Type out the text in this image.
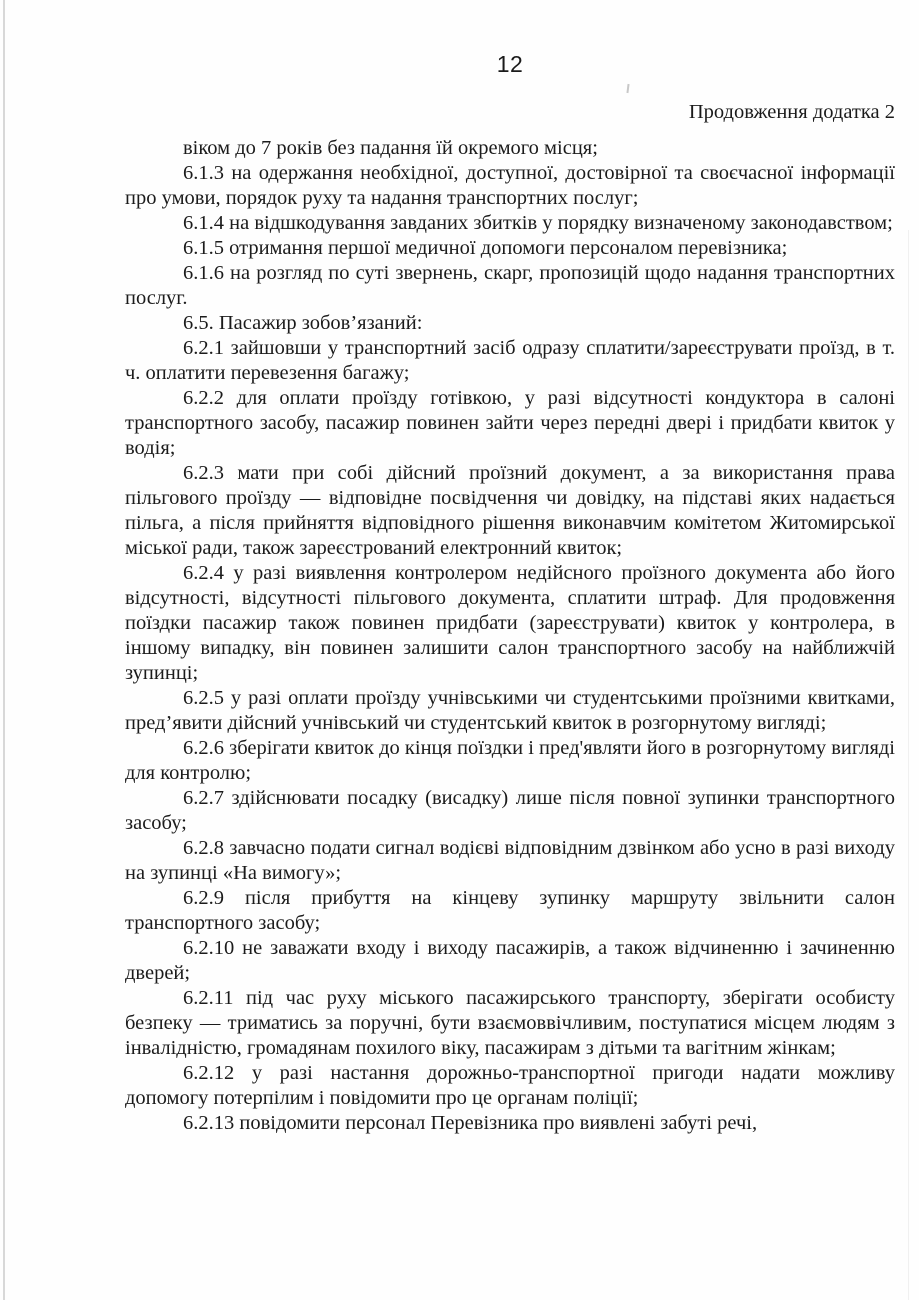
12
Продовження додатка 2

віком до 7 років без падання їй окремого місця;

6.1.3 на одержання необхідної, доступної, достовірної та своєчасної інформації про умови, порядок руху та надання транспортних послуг;

6.1.4 на відшкодування завданих збитків у порядку визначеному законодавством;

6.1.5 отримання першої медичної допомоги персоналом перевізника;

6.1.6 на розгляд по суті звернень, скарг, пропозицій щодо надання транспортних послуг.

6.5. Пасажир зобов’язаний:

6.2.1 зайшовши у транспортний засіб одразу сплатити/зареєструвати проїзд, в т. ч. оплатити перевезення багажу;

6.2.2 для оплати проїзду готівкою, у разі відсутності кондуктора в салоні транспортного засобу, пасажир повинен зайти через передні двері і придбати квиток у водія;

6.2.3 мати при собі дійсний проїзний документ, а за використання права пільгового проїзду — відповідне посвідчення чи довідку, на підставі яких надається пільга, а після прийняття відповідного рішення виконавчим комітетом Житомирської міської ради, також зареєстрований електронний квиток;

6.2.4 у разі виявлення контролером недійсного проїзного документа або його відсутності, відсутності пільгового документа, сплатити штраф. Для продовження поїздки пасажир також повинен придбати (зареєструвати) квиток у контролера, в іншому випадку, він повинен залишити салон транспортного засобу на найближчій зупинці;

6.2.5 у разі оплати проїзду учнівськими чи студентськими проїзними квитками, пред’явити дійсний учнівський чи студентський квиток в розгорнутому вигляді;

6.2.6 зберігати квиток до кінця поїздки і пред'являти його в розгорнутому вигляді для контролю;

6.2.7 здійснювати посадку (висадку) лише після повної зупинки транспортного засобу;

6.2.8 завчасно подати сигнал водієві відповідним дзвінком або усно в разі виходу на зупинці «На вимогу»;

6.2.9 після прибуття на кінцеву зупинку маршруту звільнити салон транспортного засобу;

6.2.10 не заважати входу і виходу пасажирів, а також відчиненню і зачиненню дверей;

6.2.11 під час руху міського пасажирського транспорту, зберігати особисту безпеку — триматись за поручні, бути взаємоввічливим, поступатися місцем людям з інвалідністю, громадянам похилого віку, пасажирам з дітьми та вагітним жінкам;

6.2.12 у разі настання дорожньо-транспортної пригоди надати можливу допомогу потерпілим і повідомити про це органам поліції;

6.2.13 повідомити персонал Перевізника про виявлені забуті речі,
